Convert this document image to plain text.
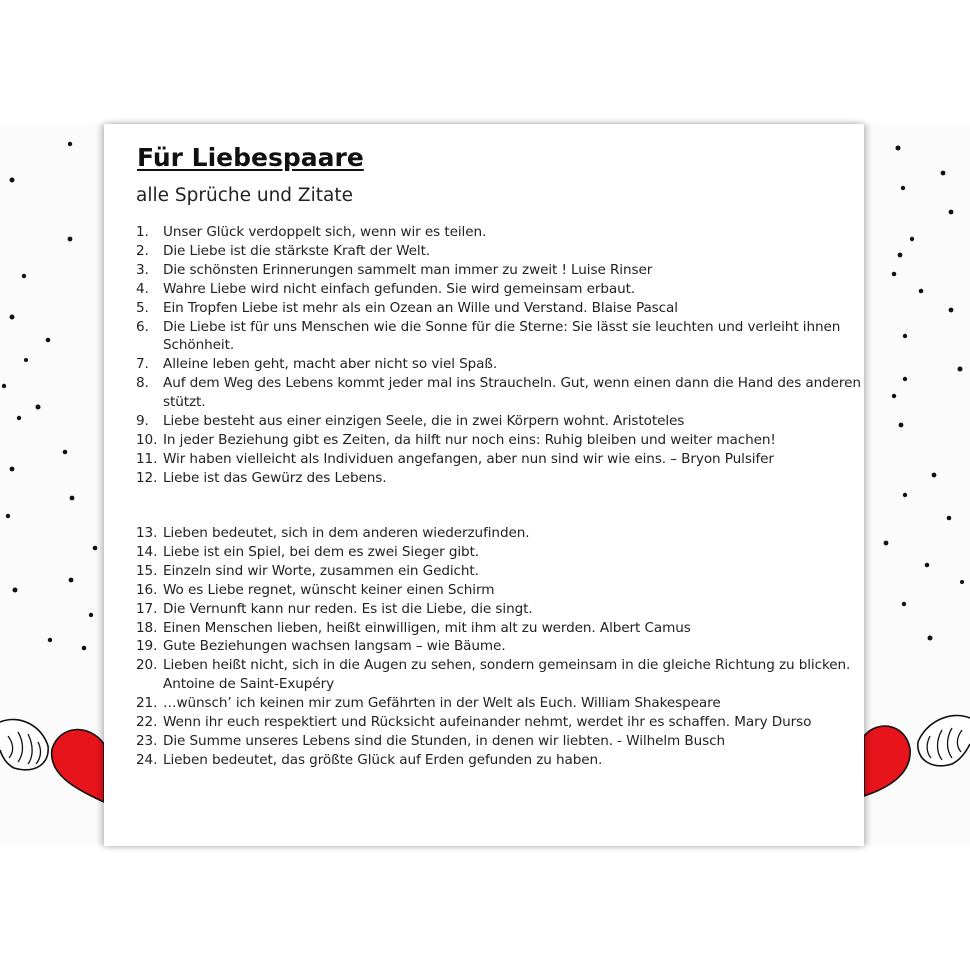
Für Liebespaare
alle Sprüche und Zitate
1. Unser Glück verdoppelt sich, wenn wir es teilen.
2. Die Liebe ist die stärkste Kraft der Welt.
3. Die schönsten Erinnerungen sammelt man immer zu zweit ! Luise Rinser
4. Wahre Liebe wird nicht einfach gefunden. Sie wird gemeinsam erbaut.
5. Ein Tropfen Liebe ist mehr als ein Ozean an Wille und Verstand. Blaise Pascal
6. Die Liebe ist für uns Menschen wie die Sonne für die Sterne: Sie lässt sie leuchten und verleiht ihnen Schönheit.
7. Alleine leben geht, macht aber nicht so viel Spaß.
8. Auf dem Weg des Lebens kommt jeder mal ins Straucheln. Gut, wenn einen dann die Hand des anderen stützt.
9. Liebe besteht aus einer einzigen Seele, die in zwei Körpern wohnt. Aristoteles
10. In jeder Beziehung gibt es Zeiten, da hilft nur noch eins: Ruhig bleiben und weiter machen!
11. Wir haben vielleicht als Individuen angefangen, aber nun sind wir wie eins. – Bryon Pulsifer
12. Liebe ist das Gewürz des Lebens.
13. Lieben bedeutet, sich in dem anderen wiederzufinden.
14. Liebe ist ein Spiel, bei dem es zwei Sieger gibt.
15. Einzeln sind wir Worte, zusammen ein Gedicht.
16. Wo es Liebe regnet, wünscht keiner einen Schirm
17. Die Vernunft kann nur reden. Es ist die Liebe, die singt.
18. Einen Menschen lieben, heißt einwilligen, mit ihm alt zu werden. Albert Camus
19. Gute Beziehungen wachsen langsam – wie Bäume.
20. Lieben heißt nicht, sich in die Augen zu sehen, sondern gemeinsam in die gleiche Richtung zu blicken. Antoine de Saint-Exupéry
21. …wünsch’ ich keinen mir zum Gefährten in der Welt als Euch. William Shakespeare
22. Wenn ihr euch respektiert und Rücksicht aufeinander nehmt, werdet ihr es schaffen. Mary Durso
23. Die Summe unseres Lebens sind die Stunden, in denen wir liebten. - Wilhelm Busch
24. Lieben bedeutet, das größte Glück auf Erden gefunden zu haben.
